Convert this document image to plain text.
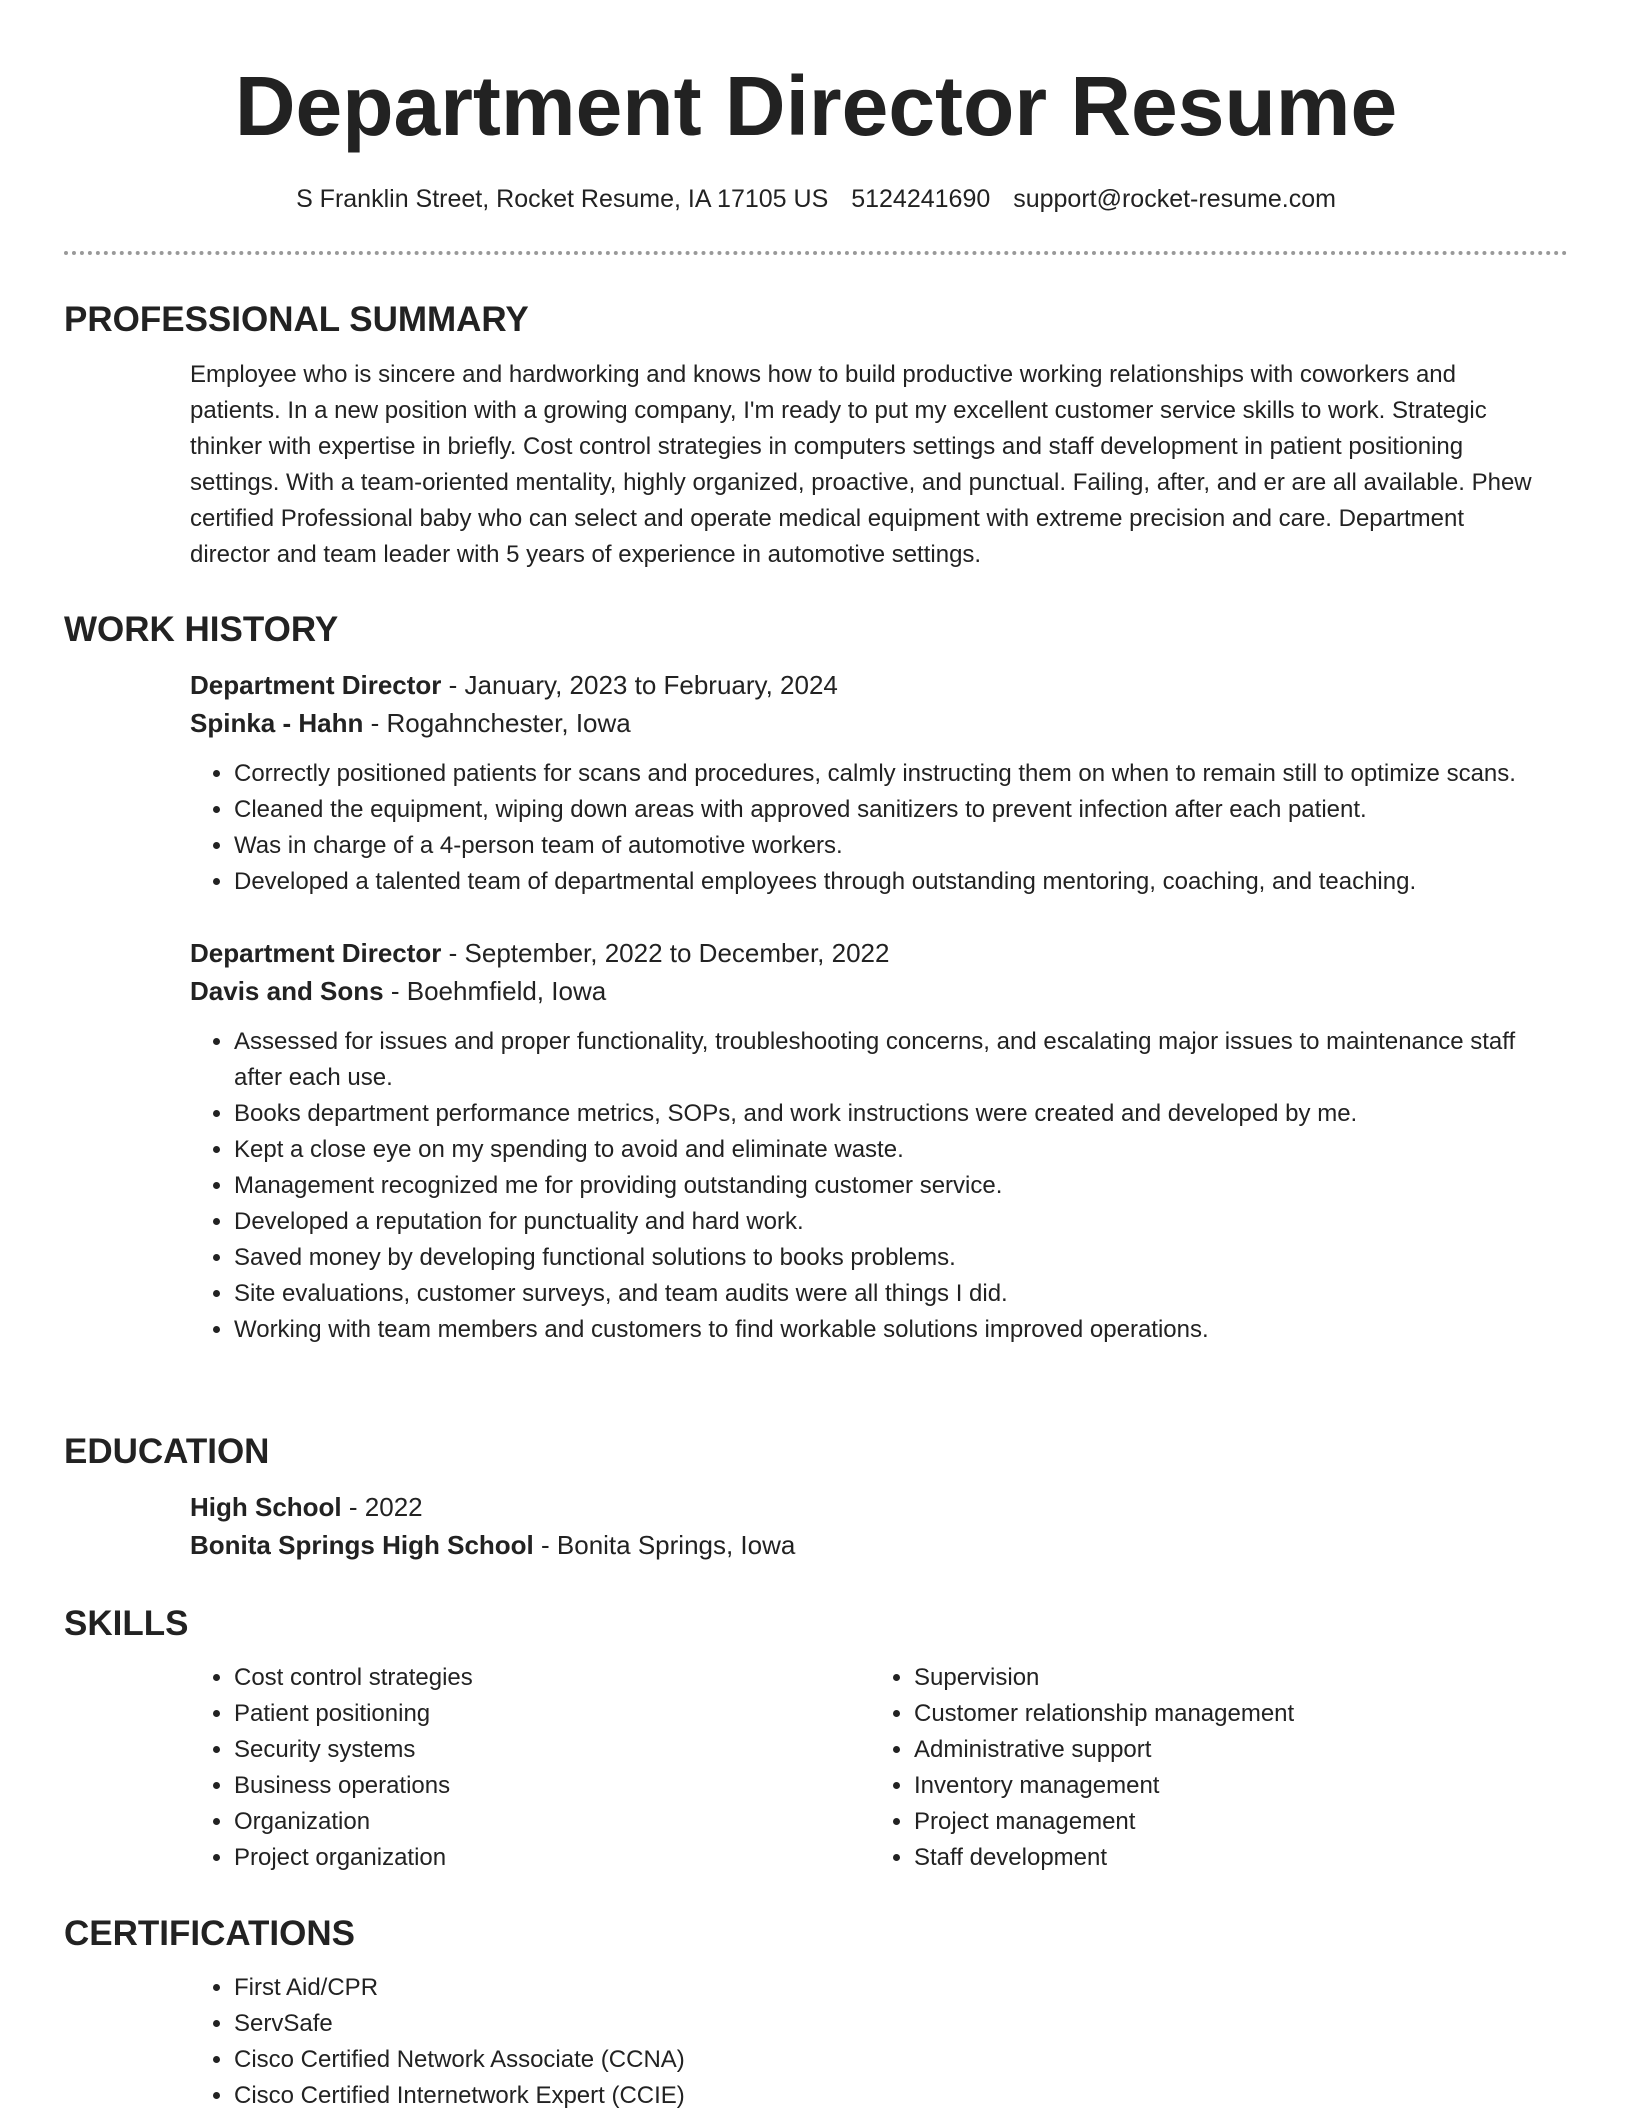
Department Director Resume
S Franklin Street, Rocket Resume, IA 17105 US 5124241690 support@rocket-resume.com
PROFESSIONAL SUMMARY

Employee who is sincere and hardworking and knows how to build productive working relationships with coworkers and patients. In a new position with a growing company, I'm ready to put my excellent customer service skills to work. Strategic thinker with expertise in briefly. Cost control strategies in computers settings and staff development in patient positioning settings. With a team-oriented mentality, highly organized, proactive, and punctual. Failing, after, and er are all available. Phew certified Professional baby who can select and operate medical equipment with extreme precision and care. Department director and team leader with 5 years of experience in automotive settings.

WORK HISTORY
Department Director - January, 2023 to February, 2024
Spinka - Hahn - Rogahnchester, Iowa
• Correctly positioned patients for scans and procedures, calmly instructing them on when to remain still to optimize scans.
• Cleaned the equipment, wiping down areas with approved sanitizers to prevent infection after each patient.
• Was in charge of a 4-person team of automotive workers.
• Developed a talented team of departmental employees through outstanding mentoring, coaching, and teaching.
Department Director - September, 2022 to December, 2022
Davis and Sons - Boehmfield, Iowa
• Assessed for issues and proper functionality, troubleshooting concerns, and escalating major issues to maintenance staff after each use.
• Books department performance metrics, SOPs, and work instructions were created and developed by me.
• Kept a close eye on my spending to avoid and eliminate waste.
• Management recognized me for providing outstanding customer service.
• Developed a reputation for punctuality and hard work.
• Saved money by developing functional solutions to books problems.
• Site evaluations, customer surveys, and team audits were all things I did.
• Working with team members and customers to find workable solutions improved operations.
EDUCATION
High School - 2022
Bonita Springs High School - Bonita Springs, Iowa
SKILLS
• Cost control strategies
• Patient positioning
• Security systems
• Business operations
• Organization
• Project organization
• Supervision
• Customer relationship management
• Administrative support
• Inventory management
• Project management
• Staff development
CERTIFICATIONS
• First Aid/CPR
• ServSafe
• Cisco Certified Network Associate (CCNA)
• Cisco Certified Internetwork Expert (CCIE)
